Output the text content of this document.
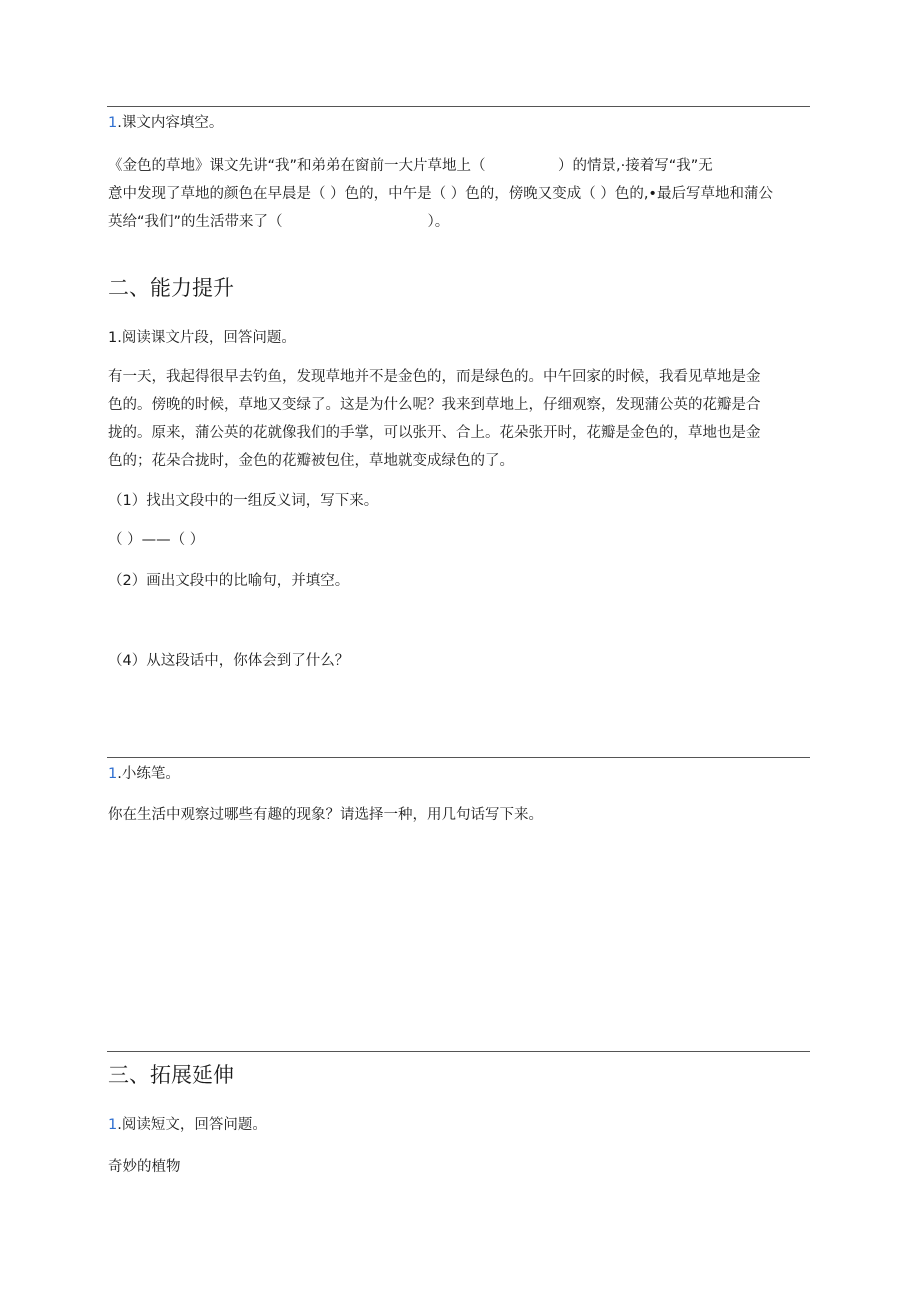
1.课文内容填空。
《金色的草地》课文先讲“我”和弟弟在窗前一大片草地上（　　　　　）的情景,·接着写“我”无
意中发现了草地的颜色在早晨是（ ）色的，中午是（ ）色的，傍晚又变成（ ）色的,•最后写草地和蒲公
英给“我们”的生活带来了（　　　　　　　　　　）。
二、能力提升
1.阅读课文片段，回答问题。
有一天，我起得很早去钓鱼，发现草地并不是金色的，而是绿色的。中午回家的时候，我看见草地是金
色的。傍晚的时候，草地又变绿了。这是为什么呢？我来到草地上，仔细观察，发现蒲公英的花瓣是合
拢的。原来，蒲公英的花就像我们的手掌，可以张开、合上。花朵张开时，花瓣是金色的，草地也是金
色的；花朵合拢时，金色的花瓣被包住，草地就变成绿色的了。
（1）找出文段中的一组反义词，写下来。
（ ）——（ ）
（2）画出文段中的比喻句，并填空。
（4）从这段话中，你体会到了什么？
1.小练笔。
你在生活中观察过哪些有趣的现象？请选择一种，用几句话写下来。
三、拓展延伸
1.阅读短文，回答问题。
奇妙的植物
